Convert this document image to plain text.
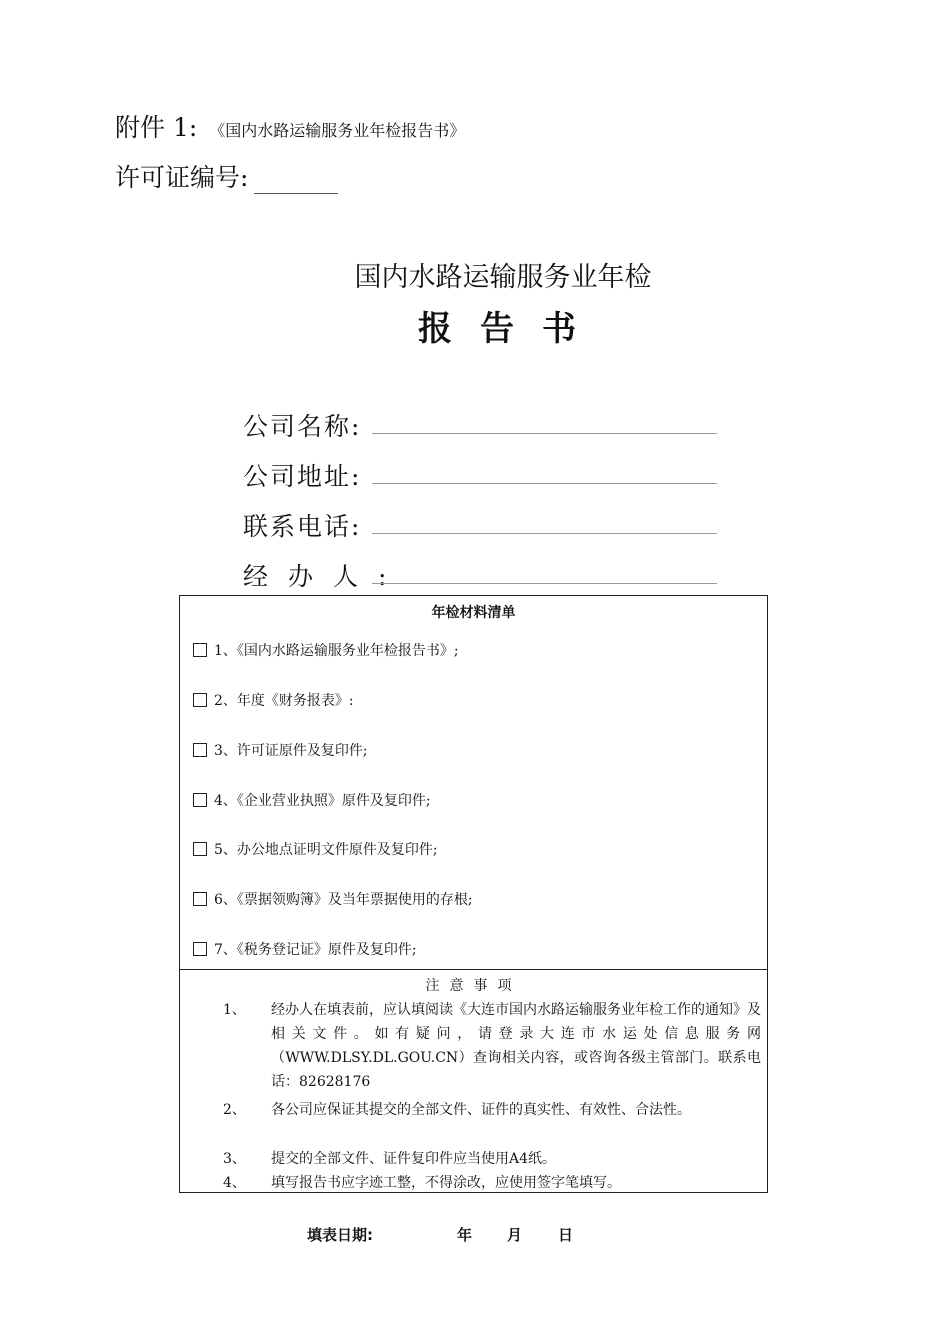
附件 1: 《国内水路运输服务业年检报告书》
许可证编号:
国内水路运输服务业年检
报告书
公司名称:
公司地址:
联系电话:
经办人:
年检材料清单
1、《国内水路运输服务业年检报告书》;
2、年度《财务报表》:
3、许可证原件及复印件;
4、《企业营业执照》原件及复印件;
5、办公地点证明文件原件及复印件;
6、《票据领购簿》及当年票据使用的存根;
7、《税务登记证》原件及复印件;
注意事项
1、 经办人在填表前，应认填阅读《大连市国内水路运输服务业年检工作的通知》及相关文件。如有疑问，请登录大连市水运处信息服务网（WWW.DLSY.DL.GOU.CN）查询相关内容，或咨询各级主管部门。联系电话：82628176
2、 各公司应保证其提交的全部文件、证件的真实性、有效性、合法性。
3、 提交的全部文件、证件复印件应当使用A4纸。
4、 填写报告书应字迹工整，不得涂改，应使用签字笔填写。
填表日期:	年 月 日
